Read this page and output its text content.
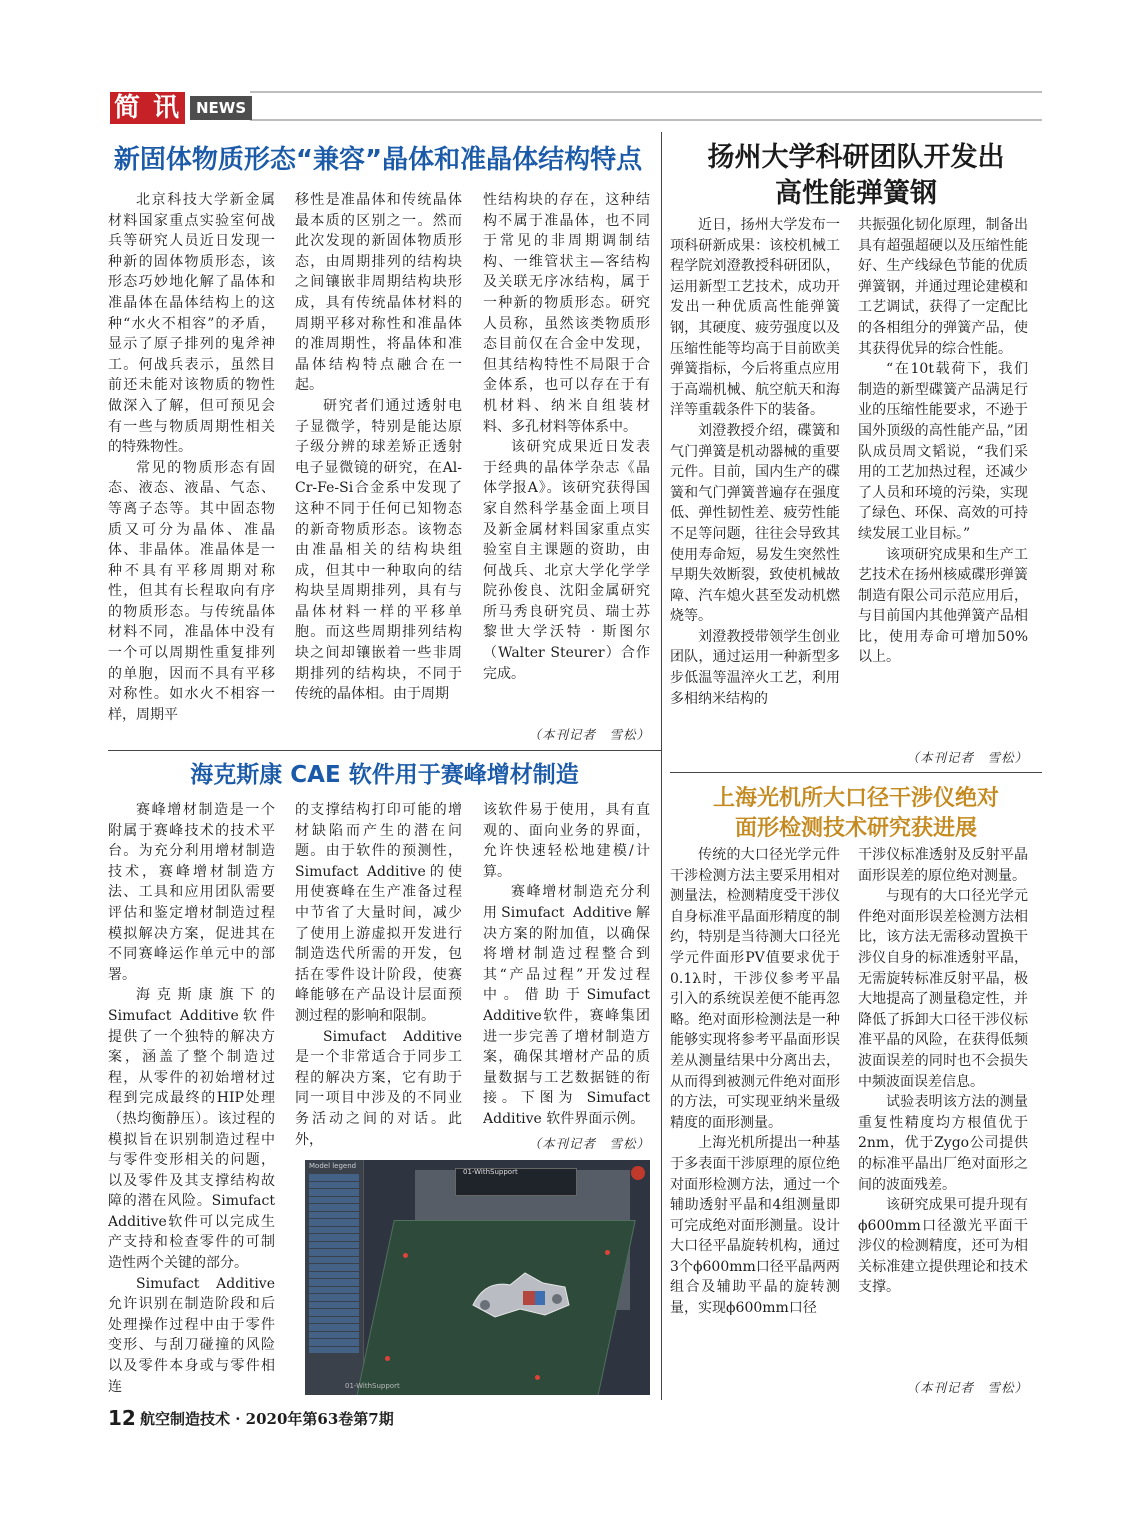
简 讯 NEWS
新固体物质形态“兼容”晶体和准晶体结构特点

北京科技大学新金属材料国家重点实验室何战兵等研究人员近日发现一种新的固体物质形态，该形态巧妙地化解了晶体和准晶体在晶体结构上的这种“水火不相容”的矛盾，显示了原子排列的鬼斧神工。何战兵表示，虽然目前还未能对该物质的物性做深入了解，但可预见会有一些与物质周期性相关的特殊物性。

常见的物质形态有固态、液态、液晶、气态、等离子态等。其中固态物质又可分为晶体、准晶体、非晶体。准晶体是一种不具有平移周期对称性，但其有长程取向有序的物质形态。与传统晶体材料不同，准晶体中没有一个可以周期性重复排列的单胞，因而不具有平移对称性。如水火不相容一样，周期平

移性是准晶体和传统晶体最本质的区别之一。然而此次发现的新固体物质形态，由周期排列的结构块之间镶嵌非周期结构块形成，具有传统晶体材料的周期平移对称性和准晶体的准周期性，将晶体和准晶体结构特点融合在一起。

研究者们通过透射电子显微学，特别是能达原子级分辨的球差矫正透射电子显微镜的研究，在Al-Cr-Fe-Si合金系中发现了这种不同于任何已知物态的新奇物质形态。该物态由准晶相关的结构块组成，但其中一种取向的结构块呈周期排列，具有与晶体材料一样的平移单胞。而这些周期排列结构块之间却镶嵌着一些非周期排列的结构块，不同于传统的晶体相。由于周期

性结构块的存在，这种结构不属于准晶体，也不同于常见的非周期调制结构、一维管状主—客结构及关联无序冰结构，属于一种新的物质形态。研究人员称，虽然该类物质形态目前仅在合金中发现，但其结构特性不局限于合金体系，也可以存在于有机材料、纳米自组装材料、多孔材料等体系中。

该研究成果近日发表于经典的晶体学杂志《晶体学报A》。该研究获得国家自然科学基金面上项目及新金属材料国家重点实验室自主课题的资助，由何战兵、北京大学化学学院孙俊良、沈阳金属研究所马秀良研究员、瑞士苏黎世大学沃特 · 斯图尔（Walter Steurer）合作完成。

（本刊记者　雪松）
扬州大学科研团队开发出
高性能弹簧钢

近日，扬州大学发布一项科研新成果：该校机械工程学院刘澄教授科研团队，运用新型工艺技术，成功开发出一种优质高性能弹簧钢，其硬度、疲劳强度以及压缩性能等均高于目前欧美弹簧指标，今后将重点应用于高端机械、航空航天和海洋等重载条件下的装备。

刘澄教授介绍，碟簧和气门弹簧是机动器械的重要元件。目前，国内生产的碟簧和气门弹簧普遍存在强度低、弹性韧性差、疲劳性能不足等问题，往往会导致其使用寿命短，易发生突然性早期失效断裂，致使机械故障、汽车熄火甚至发动机燃烧等。

刘澄教授带领学生创业团队，通过运用一种新型多步低温等温淬火工艺，利用多相纳米结构的

共振强化韧化原理，制备出具有超强超硬以及压缩性能好、生产线绿色节能的优质弹簧钢，并通过理论建模和工艺调试，获得了一定配比的各相组分的弹簧产品，使其获得优异的综合性能。

“在10t载荷下，我们制造的新型碟簧产品满足行业的压缩性能要求，不逊于国外顶级的高性能产品，”团队成员周文韬说，“我们采用的工艺加热过程，还减少了人员和环境的污染，实现了绿色、环保、高效的可持续发展工业目标。”

该项研究成果和生产工艺技术在扬州核威碟形弹簧制造有限公司示范应用后，与目前国内其他弹簧产品相比，使用寿命可增加50%以上。

（本刊记者　雪松）
海克斯康 CAE 软件用于赛峰增材制造

赛峰增材制造是一个附属于赛峰技术的技术平台。为充分利用增材制造技术，赛峰增材制造方法、工具和应用团队需要评估和鉴定增材制造过程模拟解决方案，促进其在不同赛峰运作单元中的部署。

海克斯康旗下的Simufact Additive软件提供了一个独特的解决方案，涵盖了整个制造过程，从零件的初始增材过程到完成最终的HIP处理（热均衡静压）。该过程的模拟旨在识别制造过程中与零件变形相关的问题，以及零件及其支撑结构故障的潜在风险。Simufact Additive软件可以完成生产支持和检查零件的可制造性两个关键的部分。

Simufact Additive允许识别在制造阶段和后处理操作过程中由于零件变形、与刮刀碰撞的风险以及零件本身或与零件相连

的支撑结构打印可能的增材缺陷而产生的潜在问题。由于软件的预测性，Simufact Additive的使用使赛峰在生产准备过程中节省了大量时间，减少了使用上游虚拟开发进行制造迭代所需的开发，包括在零件设计阶段，使赛峰能够在产品设计层面预测过程的影响和限制。

Simufact Additive是一个非常适合于同步工程的解决方案，它有助于同一项目中涉及的不同业务活动之间的对话。此外，

该软件易于使用，具有直观的、面向业务的界面，允许快速轻松地建模/计算。

赛峰增材制造充分利用Simufact Additive解决方案的附加值，以确保将增材制造过程整合到其“产品过程”开发过程中。借助于Simufact Additive软件，赛峰集团进一步完善了增材制造方案，确保其增材产品的质量数据与工艺数据链的衔接。下图为 Simufact Additive 软件界面示例。

（本刊记者　雪松）
Model legend
01-WithSupport
01-WithSupport
上海光机所大口径干涉仪绝对
面形检测技术研究获进展

传统的大口径光学元件干涉检测方法主要采用相对测量法，检测精度受干涉仪自身标准平晶面形精度的制约，特别是当待测大口径光学元件面形PV值要求优于0.1λ时，干涉仪参考平晶引入的系统误差便不能再忽略。绝对面形检测法是一种能够实现将参考平晶面形误差从测量结果中分离出去，从而得到被测元件绝对面形的方法，可实现亚纳米量级精度的面形测量。

上海光机所提出一种基于多表面干涉原理的原位绝对面形检测方法，通过一个辅助透射平晶和4组测量即可完成绝对面形测量。设计大口径平晶旋转机构，通过3个ϕ600mm口径平晶两两组合及辅助平晶的旋转测量，实现ϕ600mm口径

干涉仪标准透射及反射平晶面形误差的原位绝对测量。

与现有的大口径光学元件绝对面形误差检测方法相比，该方法无需移动置换干涉仪自身的标准透射平晶，无需旋转标准反射平晶，极大地提高了测量稳定性，并降低了拆卸大口径干涉仪标准平晶的风险，在获得低频波面误差的同时也不会损失中频波面误差信息。

试验表明该方法的测量重复性精度均方根值优于2nm，优于Zygo公司提供的标准平晶出厂绝对面形之间的波面残差。

该研究成果可提升现有ϕ600mm口径激光平面干涉仪的检测精度，还可为相关标准建立提供理论和技术支撑。

（本刊记者　雪松）
12 航空制造技术 · 2020年第63卷第7期
